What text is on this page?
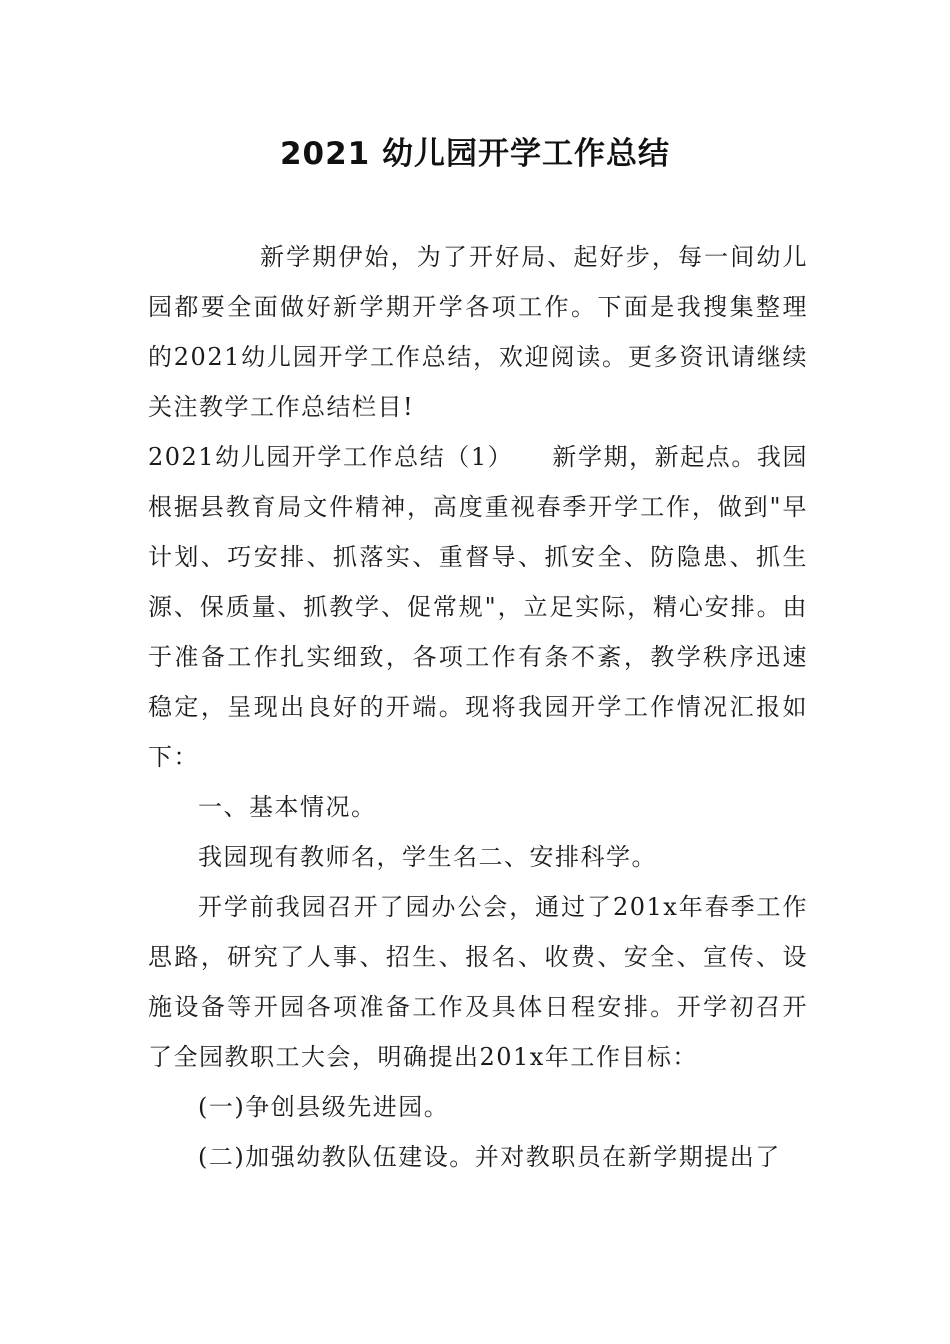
2021 幼儿园开学工作总结

新学期伊始，为了开好局、起好步，每一间幼儿园都要全面做好新学期开学各项工作。下面是我搜集整理的2021幼儿园开学工作总结，欢迎阅读。更多资讯请继续关注教学工作总结栏目!

2021幼儿园开学工作总结（1）　　新学期，新起点。我园根据县教育局文件精神，高度重视春季开学工作，做到"早计划、巧安排、抓落实、重督导、抓安全、防隐患、抓生源、保质量、抓教学、促常规"，立足实际，精心安排。由于准备工作扎实细致，各项工作有条不紊，教学秩序迅速稳定，呈现出良好的开端。现将我园开学工作情况汇报如下：

一、基本情况。

我园现有教师名，学生名二、安排科学。

开学前我园召开了园办公会，通过了201x年春季工作思路，研究了人事、招生、报名、收费、安全、宣传、设施设备等开园各项准备工作及具体日程安排。开学初召开了全园教职工大会，明确提出201x年工作目标：

(一)争创县级先进园。

(二)加强幼教队伍建设。并对教职员在新学期提出了
